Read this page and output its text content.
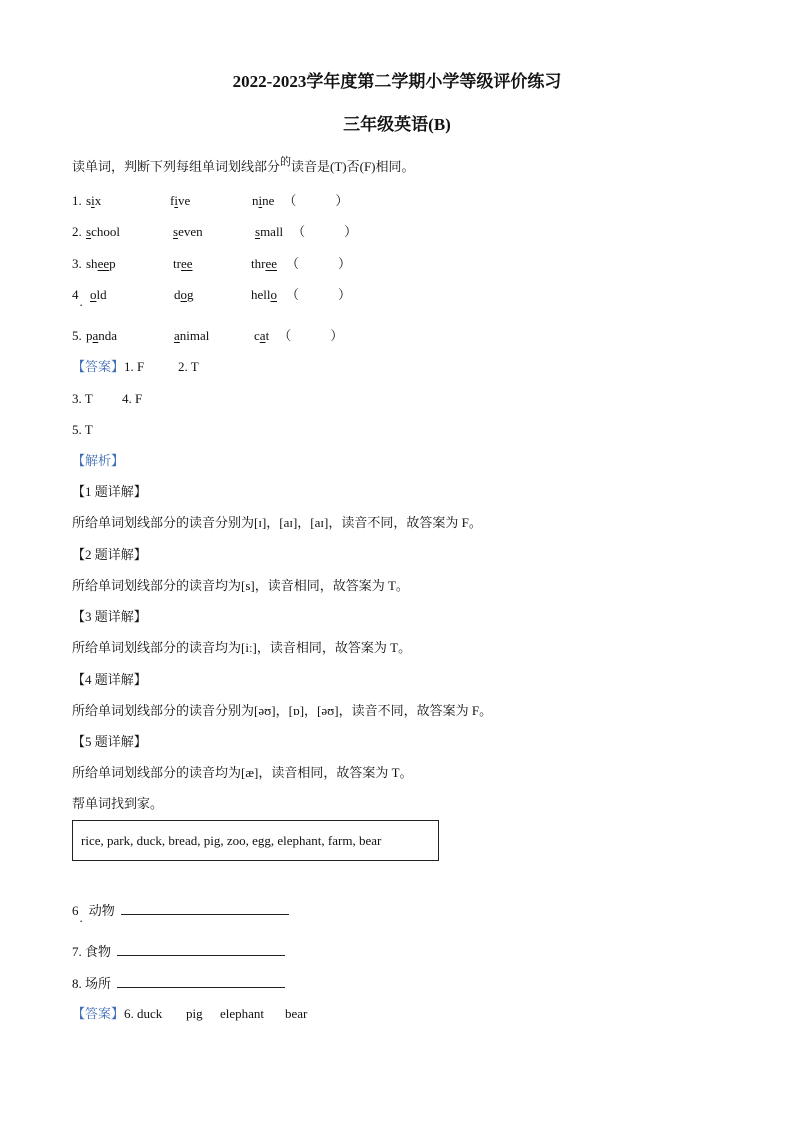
2022-2023学年度第二学期小学等级评价练习
三年级英语(B)
读单词，判断下列每组单词划线部分$^的$读音是(T)否(F)相同。
1. six	five	nine （　　　）
2. school	seven	small （　　　）
3. sheep	tree	three （　　　）
4. old	dog	hello （　　　）
5. panda	animal	cat （　　　）
【答案】1. F	2. T
3. T 4. F
5. T
【解析】
【1 题详解】
所给单词划线部分的读音分别为[ɪ]，[aɪ]，[aɪ]，读音不同，故答案为 F。
【2 题详解】
所给单词划线部分的读音均为[s]，读音相同，故答案为 T。
【3 题详解】
所给单词划线部分的读音均为[iː]，读音相同，故答案为 T。
【4 题详解】
所给单词划线部分的读音分别为[əʊ]，[ɒ]，[əʊ]，读音不同，故答案为 F。
【5 题详解】
所给单词划线部分的读音均为[æ]，读音相同，故答案为 T。
帮单词找到家。
rice, park, duck, bread, pig, zoo, egg, elephant, farm, bear
6. 动物
7. 食物
8. 场所
【答案】6. duck pig elephant bear
